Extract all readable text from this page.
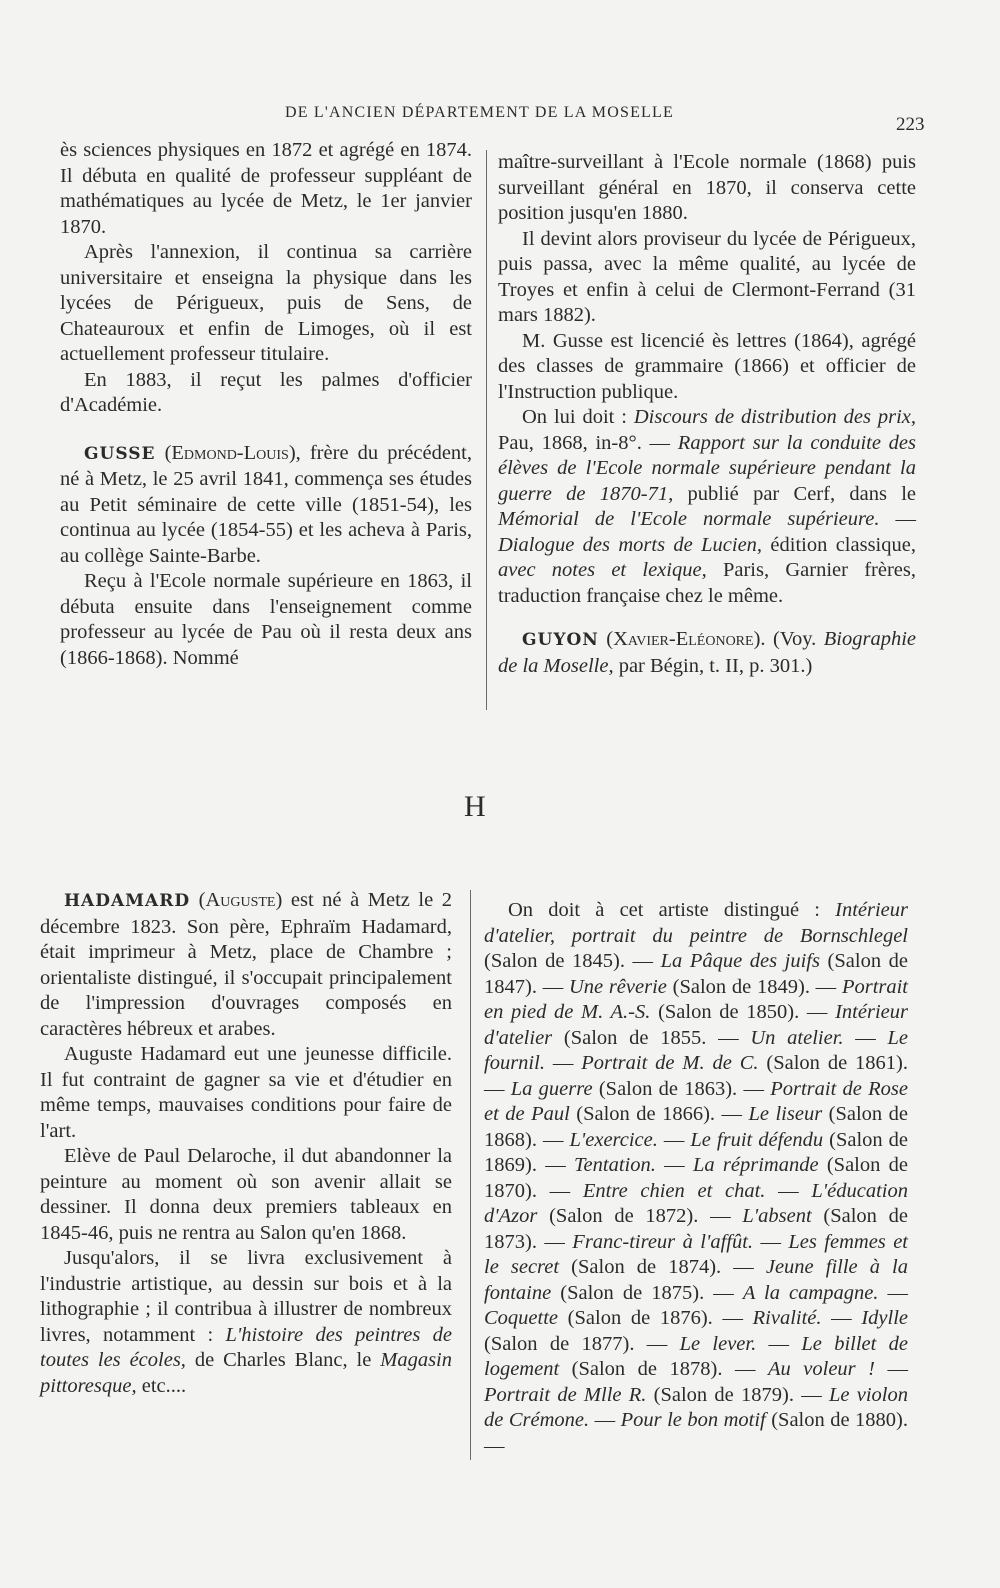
DE L'ANCIEN DÉPARTEMENT DE LA MOSELLE
223

ès sciences physiques en 1872 et agrégé en 1874. Il débuta en qualité de professeur suppléant de mathématiques au lycée de Metz, le 1er janvier 1870.

Après l'annexion, il continua sa carrière universitaire et enseigna la physique dans les lycées de Périgueux, puis de Sens, de Chateauroux et enfin de Limoges, où il est actuellement professeur titulaire.

En 1883, il reçut les palmes d'officier d'Académie.

GUSSE (Edmond-Louis), frère du précédent, né à Metz, le 25 avril 1841, commença ses études au Petit séminaire de cette ville (1851-54), les continua au lycée (1854-55) et les acheva à Paris, au collège Sainte-Barbe.

Reçu à l'Ecole normale supérieure en 1863, il débuta ensuite dans l'enseignement comme professeur au lycée de Pau où il resta deux ans (1866-1868). Nommé

maître-surveillant à l'Ecole normale (1868) puis surveillant général en 1870, il conserva cette position jusqu'en 1880.

Il devint alors proviseur du lycée de Périgueux, puis passa, avec la même qualité, au lycée de Troyes et enfin à celui de Clermont-Ferrand (31 mars 1882).

M. Gusse est licencié ès lettres (1864), agrégé des classes de grammaire (1866) et officier de l'Instruction publique.

On lui doit : Discours de distribution des prix, Pau, 1868, in-8°. — Rapport sur la conduite des élèves de l'Ecole normale supérieure pendant la guerre de 1870-71, publié par Cerf, dans le Mémorial de l'Ecole normale supérieure. — Dialogue des morts de Lucien, édition classique, avec notes et lexique, Paris, Garnier frères, traduction française chez le même.

GUYON (Xavier-Eléonore). (Voy. Biographie de la Moselle, par Bégin, t. II, p. 301.)

H

HADAMARD (Auguste) est né à Metz le 2 décembre 1823. Son père, Ephraïm Hadamard, était imprimeur à Metz, place de Chambre ; orientaliste distingué, il s'occupait principalement de l'impression d'ouvrages composés en caractères hébreux et arabes.

Auguste Hadamard eut une jeunesse difficile. Il fut contraint de gagner sa vie et d'étudier en même temps, mauvaises conditions pour faire de l'art.

Elève de Paul Delaroche, il dut abandonner la peinture au moment où son avenir allait se dessiner. Il donna deux premiers tableaux en 1845-46, puis ne rentra au Salon qu'en 1868.

Jusqu'alors, il se livra exclusivement à l'industrie artistique, au dessin sur bois et à la lithographie ; il contribua à illustrer de nombreux livres, notamment : L'histoire des peintres de toutes les écoles, de Charles Blanc, le Magasin pittoresque, etc....

On doit à cet artiste distingué : Intérieur d'atelier, portrait du peintre de Bornschlegel (Salon de 1845). — La Pâque des juifs (Salon de 1847). — Une rêverie (Salon de 1849). — Portrait en pied de M. A.-S. (Salon de 1850). — Intérieur d'atelier (Salon de 1855. — Un atelier. — Le fournil. — Portrait de M. de C. (Salon de 1861). — La guerre (Salon de 1863). — Portrait de Rose et de Paul (Salon de 1866). — Le liseur (Salon de 1868). — L'exercice. — Le fruit défendu (Salon de 1869). — Tentation. — La réprimande (Salon de 1870). — Entre chien et chat. — L'éducation d'Azor (Salon de 1872). — L'absent (Salon de 1873). — Franc-tireur à l'affût. — Les femmes et le secret (Salon de 1874). — Jeune fille à la fontaine (Salon de 1875). — A la campagne. — Coquette (Salon de 1876). — Rivalité. — Idylle (Salon de 1877). — Le lever. — Le billet de logement (Salon de 1878). — Au voleur ! — Portrait de Mlle R. (Salon de 1879). — Le violon de Crémone. — Pour le bon motif (Salon de 1880). —
